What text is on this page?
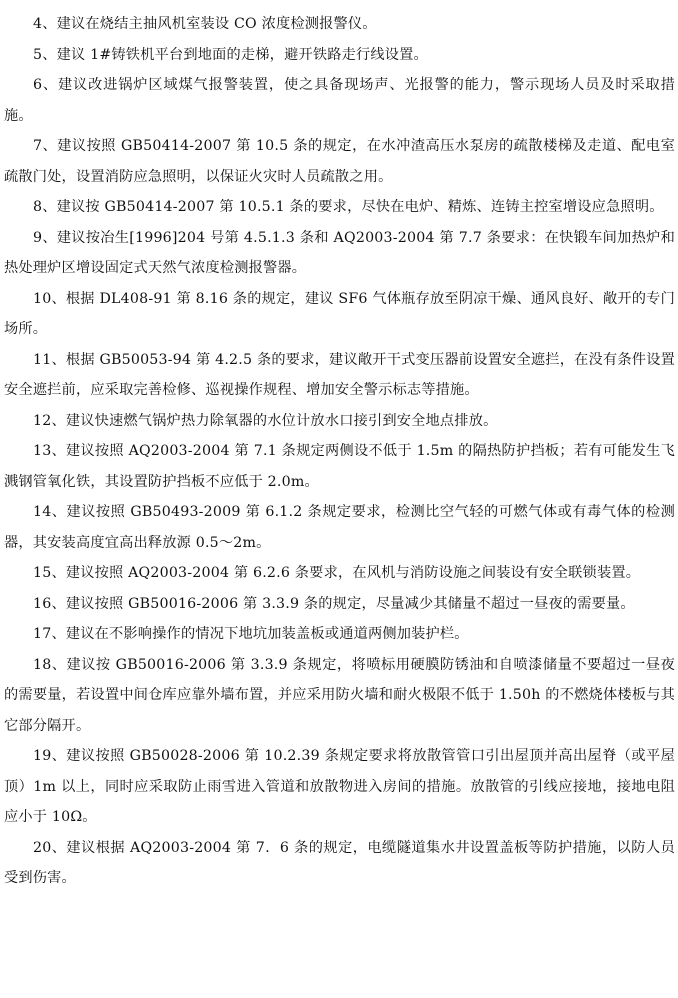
4、建议在烧结主抽风机室装设 CO 浓度检测报警仪。

5、建议 1#铸铁机平台到地面的走梯，避开铁路走行线设置。

6、建议改进锅炉区域煤气报警装置，使之具备现场声、光报警的能力，警示现场人员及时采取措施。

7、建议按照 GB50414-2007 第 10.5 条的规定，在水冲渣高压水泵房的疏散楼梯及走道、配电室疏散门处，设置消防应急照明，以保证火灾时人员疏散之用。

8、建议按 GB50414-2007 第 10.5.1 条的要求，尽快在电炉、精炼、连铸主控室增设应急照明。

9、建议按冶生[1996]204 号第 4.5.1.3 条和 AQ2003-2004 第 7.7 条要求：在快锻车间加热炉和热处理炉区增设固定式天然气浓度检测报警器。

10、根据 DL408-91 第 8.16 条的规定，建议 SF6 气体瓶存放至阴凉干燥、通风良好、敞开的专门场所。

11、根据 GB50053-94 第 4.2.5 条的要求，建议敞开干式变压器前设置安全遮拦，在没有条件设置安全遮拦前，应采取完善检修、巡视操作规程、增加安全警示标志等措施。

12、建议快速燃气锅炉热力除氧器的水位计放水口接引到安全地点排放。

13、建议按照 AQ2003-2004 第 7.1 条规定两侧设不低于 1.5m 的隔热防护挡板；若有可能发生飞溅钢管氧化铁，其设置防护挡板不应低于 2.0m。

14、建议按照 GB50493-2009 第 6.1.2 条规定要求，检测比空气轻的可燃气体或有毒气体的检测器，其安装高度宜高出释放源 0.5～2m。

15、建议按照 AQ2003-2004 第 6.2.6 条要求，在风机与消防设施之间装设有安全联锁装置。

16、建议按照 GB50016-2006 第 3.3.9 条的规定，尽量减少其储量不超过一昼夜的需要量。

17、建议在不影响操作的情况下地坑加装盖板或通道两侧加装护栏。

18、建议按 GB50016-2006 第 3.3.9 条规定，将喷标用硬膜防锈油和自喷漆储量不要超过一昼夜的需要量，若设置中间仓库应靠外墙布置，并应采用防火墙和耐火极限不低于 1.50h 的不燃烧体楼板与其它部分隔开。

19、建议按照 GB50028-2006 第 10.2.39 条规定要求将放散管管口引出屋顶并高出屋脊（或平屋顶）1m 以上，同时应采取防止雨雪进入管道和放散物进入房间的措施。放散管的引线应接地，接地电阻应小于 10Ω。

20、建议根据 AQ2003-2004 第 7．6 条的规定，电缆隧道集水井设置盖板等防护措施，以防人员受到伤害。
